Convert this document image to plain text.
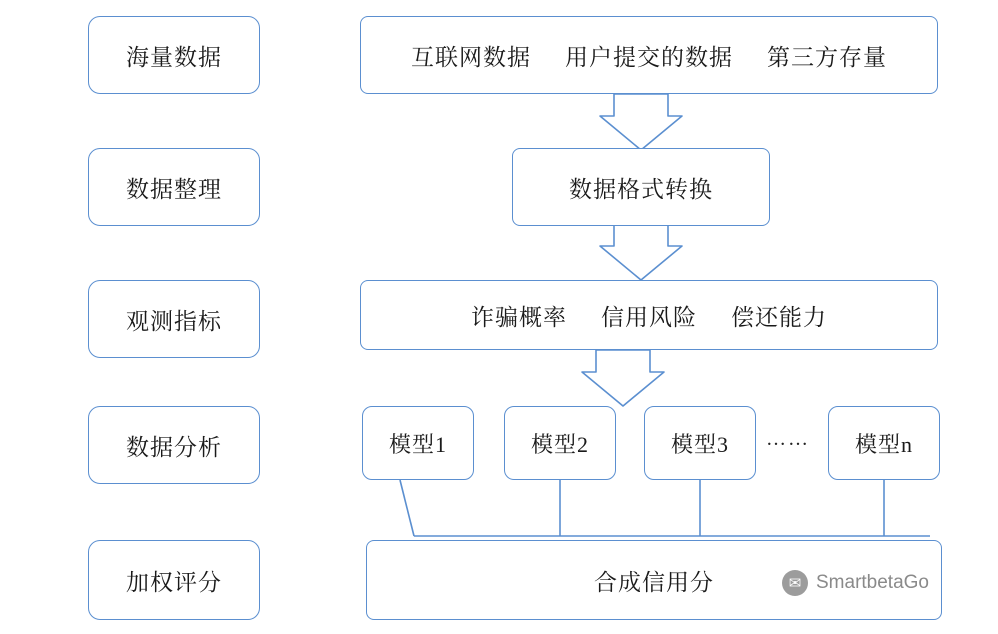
海量数据
数据整理
观测指标
数据分析
加权评分
互联网数据 用户提交的数据 第三方存量
数据格式转换
诈骗概率 信用风险 偿还能力
模型1	模型2	模型3 …… 模型n
合成信用分	✉ SmartbetaGo
